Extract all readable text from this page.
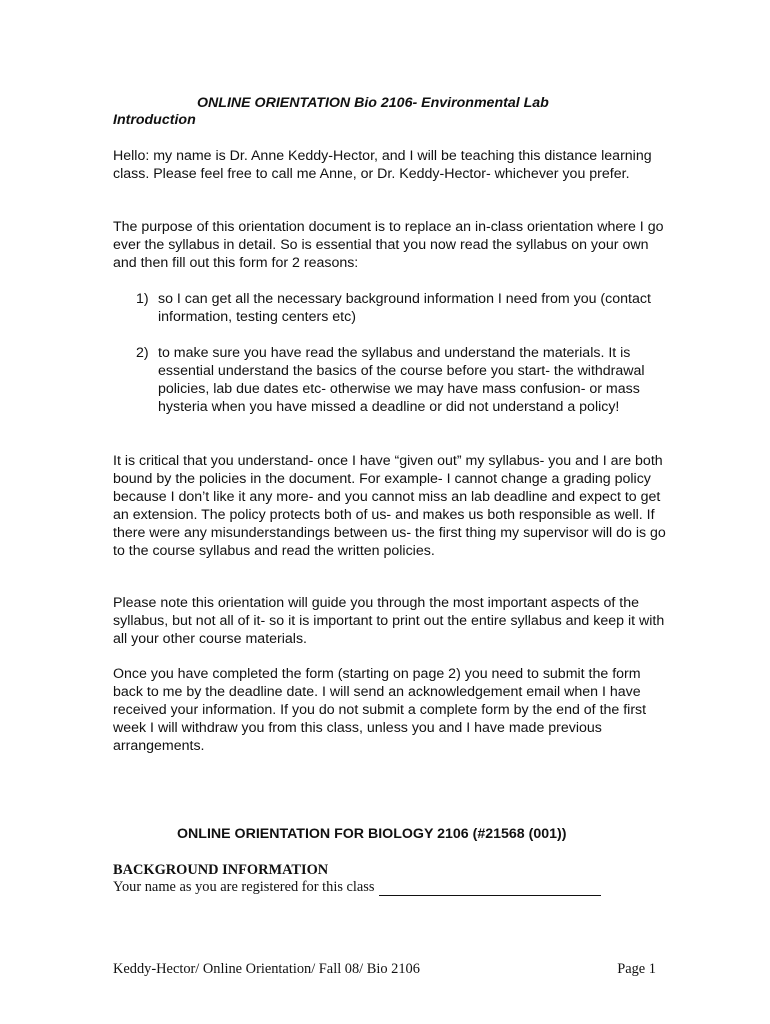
ONLINE ORIENTATION Bio 2106- Environmental Lab
Introduction

Hello: my name is Dr. Anne Keddy-Hector, and I will be teaching this distance learning class. Please feel free to call me Anne, or Dr. Keddy-Hector- whichever you prefer.

The purpose of this orientation document is to replace an in-class orientation where I go ever the syllabus in detail. So is essential that you now read the syllabus on your own and then fill out this form for 2 reasons:

1) so I can get all the necessary background information I need from you (contact information, testing centers etc)
2) to make sure you have read the syllabus and understand the materials. It is essential understand the basics of the course before you start- the withdrawal policies, lab due dates etc- otherwise we may have mass confusion- or mass hysteria when you have missed a deadline or did not understand a policy!

It is critical that you understand- once I have “given out” my syllabus- you and I are both bound by the policies in the document. For example- I cannot change a grading policy because I don’t like it any more- and you cannot miss an lab deadline and expect to get an extension. The policy protects both of us- and makes us both responsible as well. If there were any misunderstandings between us- the first thing my supervisor will do is go to the course syllabus and read the written policies.

Please note this orientation will guide you through the most important aspects of the syllabus, but not all of it- so it is important to print out the entire syllabus and keep it with all your other course materials.

Once you have completed the form (starting on page 2) you need to submit the form back to me by the deadline date. I will send an acknowledgement email when I have received your information. If you do not submit a complete form by the end of the first week I will withdraw you from this class, unless you and I have made previous arrangements.

ONLINE ORIENTATION FOR BIOLOGY 2106 (#21568 (001))
BACKGROUND INFORMATION
Your name as you are registered for this class
Keddy-Hector/ Online Orientation/ Fall 08/ Bio 2106	Page 1
